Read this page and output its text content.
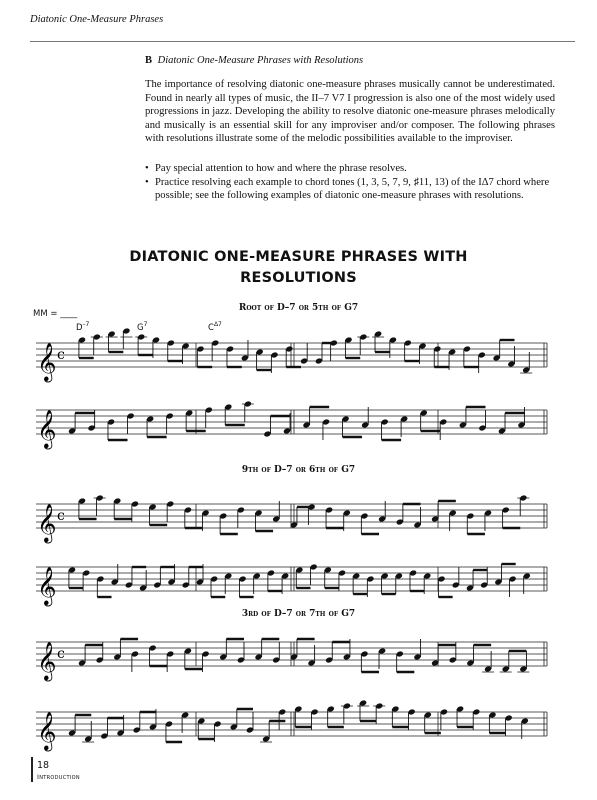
Diatonic One-Measure Phrases
B Diatonic One-Measure Phrases with Resolutions

The importance of resolving diatonic one-measure phrases musically cannot be underestimated. Found in nearly all types of music, the II–7 V7 I progression is also one of the most widely used progressions in jazz. Developing the ability to resolve diatonic one-measure phrases melodically and musically is an essential skill for any improviser and/or composer. The following phrases with resolutions illustrate some of the melodic possibilities available to the improviser.

• Pay special attention to how and where the phrase resolves.
• Practice resolving each example to chord tones (1, 3, 5, 7, 9, ♯11, 13) of the IΔ7 chord where possible; see the following examples of diatonic one-measure phrases with resolutions.
DIATONIC ONE-MEASURE PHRASES WITH
RESOLUTIONS
Root of D–7 or 5th of G7
MM = ____
$D^{-7}$	$G^7$	$C^{\Delta 7}$
9th of D–7 or 6th of G7
3rd of D–7 or 7th of G7
𝄞 c
𝄞
𝄞 c
𝄞
𝄞 c
𝄞
18
Introduction
